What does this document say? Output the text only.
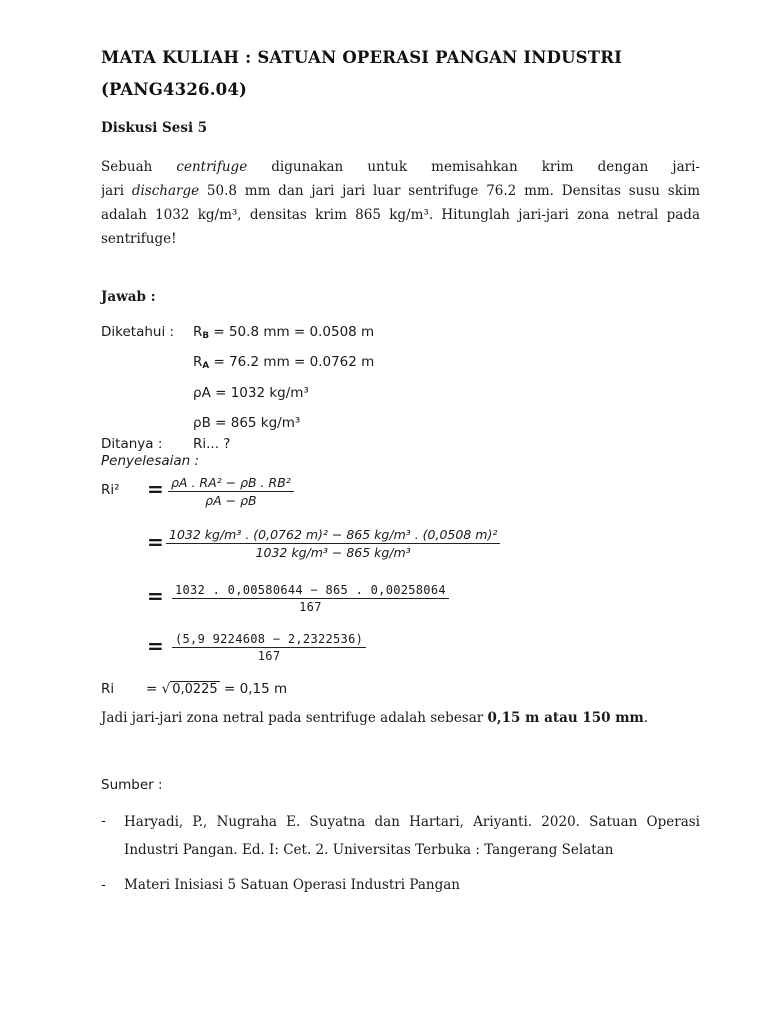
MATA KULIAH : SATUAN OPERASI PANGAN INDUSTRI
(PANG4326.04)
Diskusi Sesi 5
Sebuah centrifuge digunakan untuk memisahkan krim dengan jari-
jari discharge 50.8 mm dan jari jari luar sentrifuge 76.2 mm. Densitas susu skim
adalah 1032 kg/m³, densitas krim 865 kg/m³. Hitunglah jari-jari zona netral pada
sentrifuge!
Jawab :
Diketahui : $R_B = 50.8$ mm = 0.0508 m
$R_A = 76.2$ mm = 0.0762 m
ρA = 1032 kg/m³
ρB = 865 kg/m³
Ditanya : Ri... ?
Penyelesaian :
$Ri^2 = \frac{\text{ρA . RA² − ρB . RB²}}{\rho A - \rho B}$
= $\frac{\text{1032 kg/m³ . (0,0762 m)² − 865 kg/m³ . (0,0508 m)²}}{\text{1032 kg/m³ − 865 kg/m³}}$
= $\frac{1032 . 0,00580644 - 865 . 0,00258064}{167}$
= $\frac{(5,9 9224608 - 2,2322536)}{167}$
Ri = √ 0,0225 = 0,15 m
Jadi jari-jari zona netral pada sentrifuge adalah sebesar 0,15 m atau 150 mm.
Sumber :
- Haryadi, P., Nugraha E. Suyatna dan Hartari, Ariyanti. 2020. Satuan Operasi
Industri Pangan. Ed. I: Cet. 2. Universitas Terbuka : Tangerang Selatan
- Materi Inisiasi 5 Satuan Operasi Industri Pangan
